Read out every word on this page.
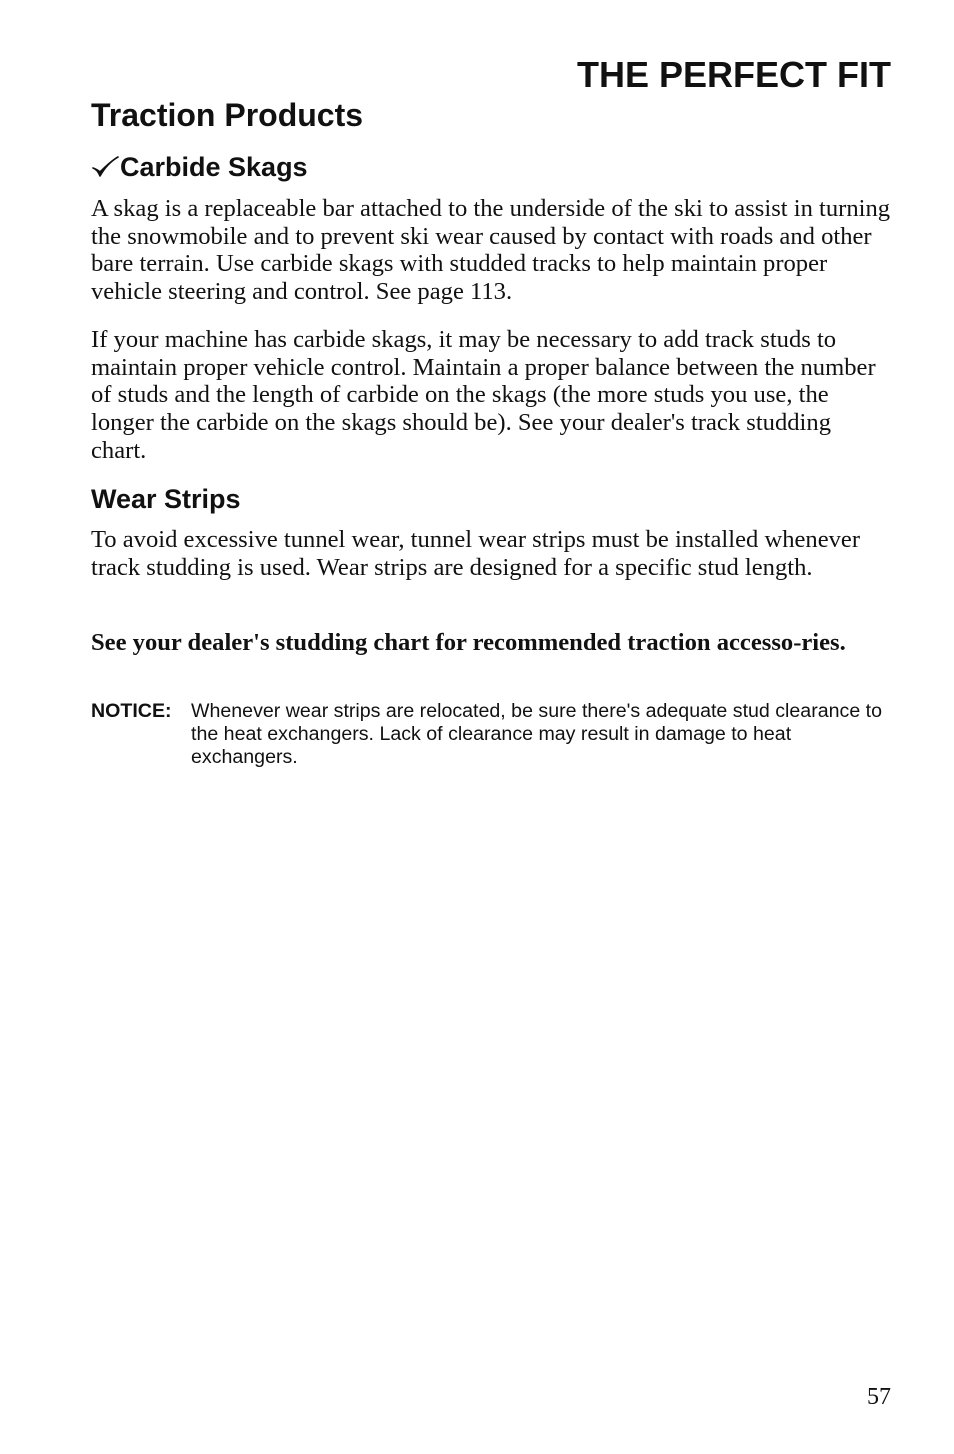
THE PERFECT FIT
Traction Products
Carbide Skags

A skag is a replaceable bar attached to the underside of the ski to assist in turning the snowmobile and to prevent ski wear caused by contact with roads and other bare terrain. Use carbide skags with studded tracks to help maintain proper vehicle steering and control. See page 113.

If your machine has carbide skags, it may be necessary to add track studs to maintain proper vehicle control. Maintain a proper balance between the number of studs and the length of carbide on the skags (the more studs you use, the longer the carbide on the skags should be). See your dealer's track studding chart.

Wear Strips

To avoid excessive tunnel wear, tunnel wear strips must be installed whenever track studding is used. Wear strips are designed for a specific stud length.

See your dealer's studding chart for recommended traction accesso-ries.

NOTICE: Whenever wear strips are relocated, be sure there's adequate stud clearance to the heat exchangers. Lack of clearance may result in damage to heat exchangers.
57
